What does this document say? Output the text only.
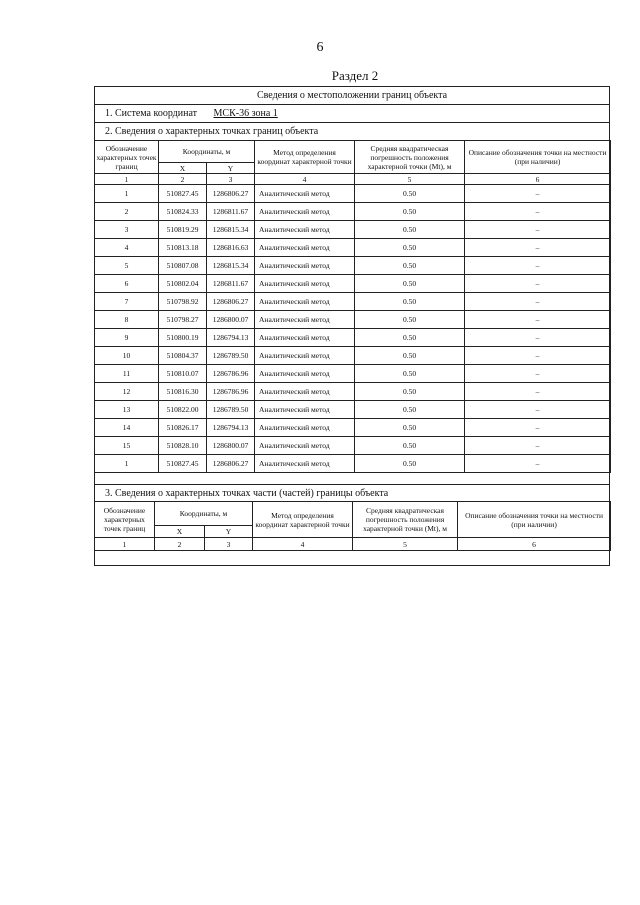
6
Раздел 2
Сведения о местоположении границ объекта
1. Система координат МСК-36 зона 1
2. Сведения о характерных точках границ объекта
3. Сведения о характерных точках части (частей) границы объекта
Обозначение характерных точек границ	Координаты, м		Метод определения координат характерной точки	Средняя квадратическая погрешность положения характерной точки (Mt), м	Описание обозначения точки на местности (при наличии)
	X	Y			
1	2	3	4	5	6
1	510827.45	1286806.27	Аналитический метод	0.50	–
2	510824.33	1286811.67	Аналитический метод	0.50	–
3	510819.29	1286815.34	Аналитический метод	0.50	–
4	510813.18	1286816.63	Аналитический метод	0.50	–
5	510807.08	1286815.34	Аналитический метод	0.50	–
6	510802.04	1286811.67	Аналитический метод	0.50	–
7	510798.92	1286806.27	Аналитический метод	0.50	–
8	510798.27	1286800.07	Аналитический метод	0.50	–
9	510800.19	1286794.13	Аналитический метод	0.50	–
10	510804.37	1286789.50	Аналитический метод	0.50	–
11	510810.07	1286786.96	Аналитический метод	0.50	–
12	510816.30	1286786.96	Аналитический метод	0.50	–
13	510822.00	1286789.50	Аналитический метод	0.50	–
14	510826.17	1286794.13	Аналитический метод	0.50	–
15	510828.10	1286800.07	Аналитический метод	0.50	–
1	510827.45	1286806.27	Аналитический метод	0.50	–
Обозначение характерных точек границ	Координаты, м		Метод определения координат характерной точки	Средняя квадратическая погрешность положения характерной точки (Mt), м	Описание обозначения точки на местности (при наличии)
	X	Y			
1	2	3	4	5	6
